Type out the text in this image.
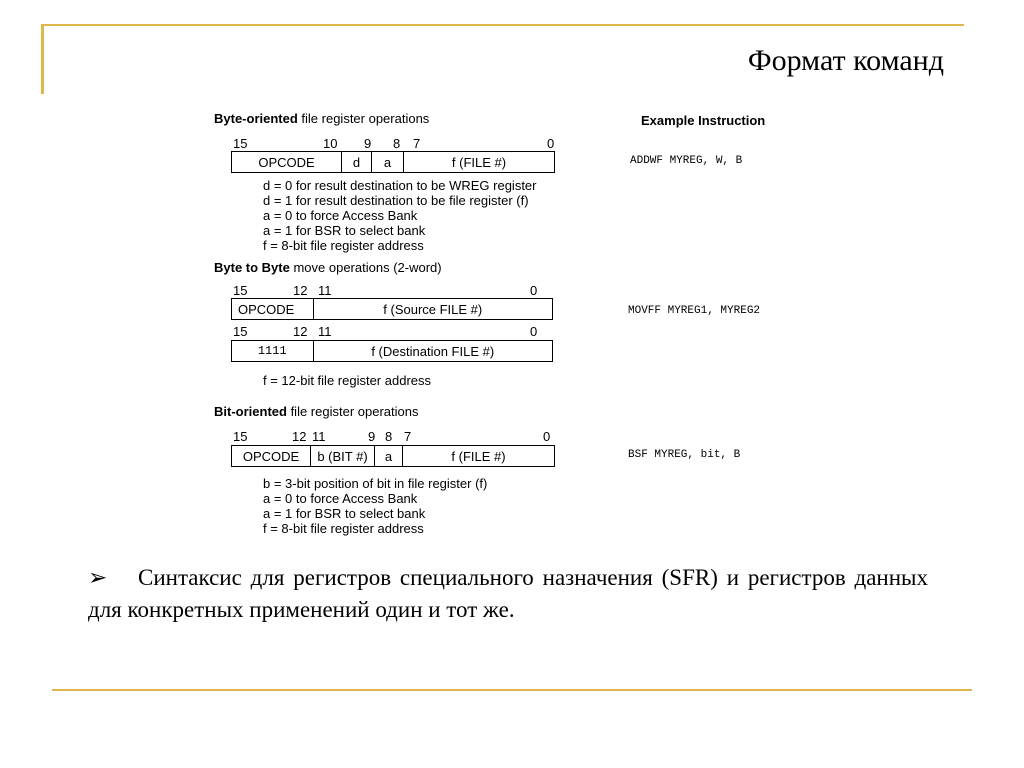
Формат команд
Example Instruction
Byte-oriented file register operations
15	10 9 8 7	0
OPCODE	d	a	f (FILE #)	ADDWF MYREG, W, B
d = 0 for result destination to be WREG register
d = 1 for result destination to be file register (f)
a = 0 to force Access Bank
a = 1 for BSR to select bank
f = 8-bit file register address
Byte to Byte move operations (2-word)
15	12 11	0
OPCODE	f (Source FILE #)	MOVFF MYREG1, MYREG2
15	12 11	0
1111	f (Destination FILE #)
f = 12-bit file register address
Bit-oriented file register operations
15	12 11	9 8 7	0
OPCODE	b (BIT #)	a	f (FILE #)	BSF MYREG, bit, B
b = 3-bit position of bit in file register (f)
a = 0 to force Access Bank
a = 1 for BSR to select bank
f = 8-bit file register address
➢ Синтаксис для регистров специального назначения (SFR) и регистров данных для конкретных применений один и тот же.
